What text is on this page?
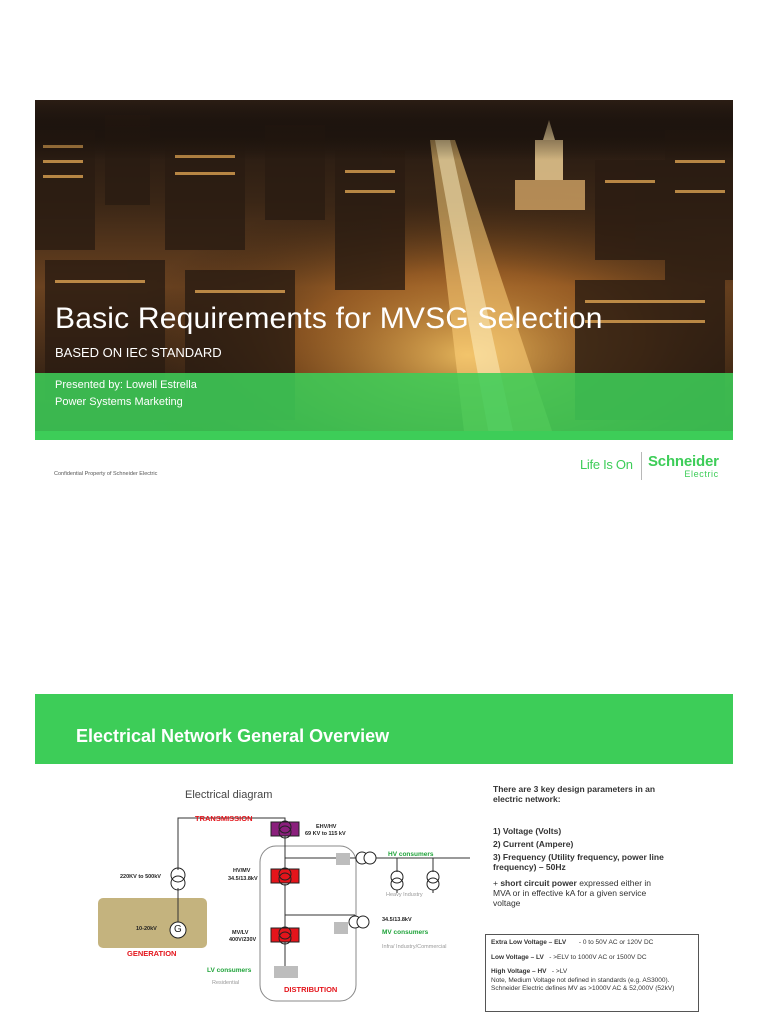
Basic Requirements for MVSG Selection
BASED ON IEC STANDARD
Presented by: Lowell Estrella
Power Systems Marketing
Confidential Property of Schneider Electric
Life Is On Schneider
Electric
Electrical Network General Overview
Electrical diagram
TRANSMISSION
EHV/HV
69 KV to 115 kV
HV/MV
34.5/13.8kV
220KV to 500kV
HV consumers
Heavy Industry
10-20kV G
GENERATION
MV/LV
400V/230V
34.5/13.8kV
MV consumers
Infra/ Industry/Commercial
LV consumers
Residential
DISTRIBUTION
There are 3 key design parameters in an electric network:
1) Voltage (Volts)
2) Current (Ampere)
3) Frequency (Utility frequency, power line frequency) – 50Hz
+ short circuit power expressed either in MVA or in effective kA for a given service voltage
Extra Low Voltage – ELV - 0 to 50V AC or 120V DC
Low Voltage – LV - >ELV to 1000V AC or 1500V DC
High Voltage – HV - >LV
Note, Medium Voltage not defined in standards (e.g. AS3000). Schneider Electric defines MV as >1000V AC & 52,000V (52kV)
